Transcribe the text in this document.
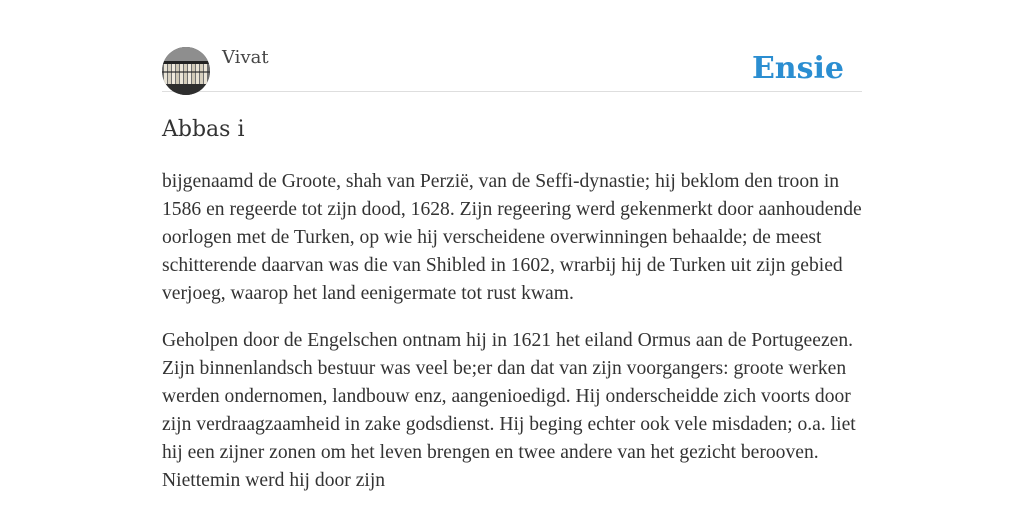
Vivat	Ensie
Abbas i

bijgenaamd de Groote, shah van Perzië, van de Seffi-dynastie; hij beklom den troon in 1586 en regeerde tot zijn dood, 1628. Zijn regeering werd gekenmerkt door aanhoudende oorlogen met de Turken, op wie hij verscheidene overwinningen behaalde; de meest schitterende daarvan was die van Shibled in 1602, wrarbij hij de Turken uit zijn gebied verjoeg, waarop het land eenigermate tot rust kwam.

Geholpen door de Engelschen ontnam hij in 1621 het eiland Ormus aan de Portugeezen. Zijn binnenlandsch bestuur was veel be;er dan dat van zijn voorgangers: groote werken werden ondernomen, landbouw enz, aangenioedigd. Hij onderscheidde zich voorts door zijn verdraagzaamheid in zake godsdienst. Hij beging echter ook vele misdaden; o.a. liet hij een zijner zonen om het leven brengen en twee andere van het gezicht berooven. Niettemin werd hij door zijn
